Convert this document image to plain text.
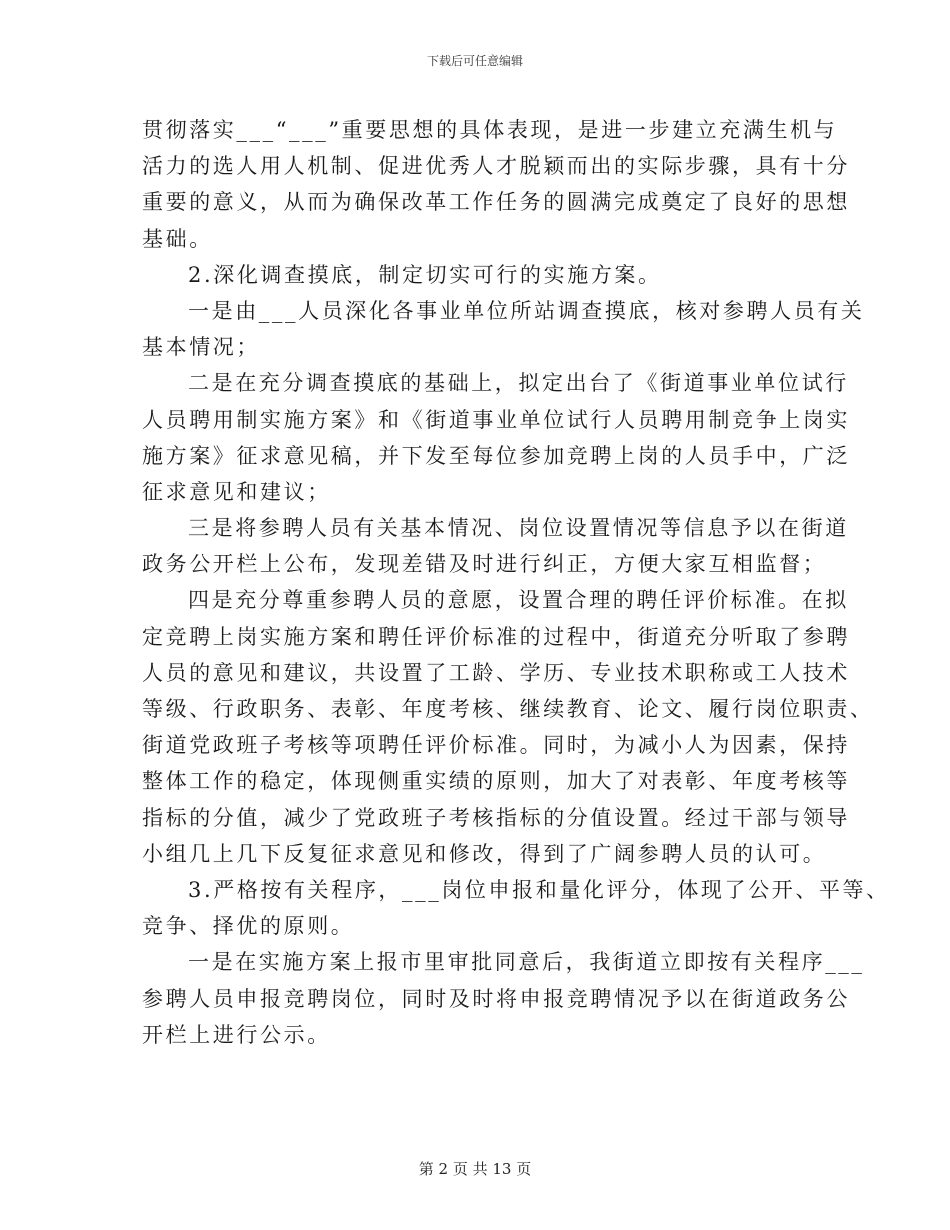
下载后可任意编辑
贯彻落实___“___”重要思想的具体表现，是进一步建立充满生机与
活力的选人用人机制、促进优秀人才脱颖而出的实际步骤，具有十分
重要的意义，从而为确保改革工作任务的圆满完成奠定了良好的思想
基础。
2.深化调查摸底，制定切实可行的实施方案。
一是由___人员深化各事业单位所站调查摸底，核对参聘人员有关
基本情况；
二是在充分调查摸底的基础上，拟定出台了《街道事业单位试行
人员聘用制实施方案》和《街道事业单位试行人员聘用制竞争上岗实
施方案》征求意见稿，并下发至每位参加竞聘上岗的人员手中，广泛
征求意见和建议；
三是将参聘人员有关基本情况、岗位设置情况等信息予以在街道
政务公开栏上公布，发现差错及时进行纠正，方便大家互相监督；
四是充分尊重参聘人员的意愿，设置合理的聘任评价标准。在拟
定竞聘上岗实施方案和聘任评价标准的过程中，街道充分听取了参聘
人员的意见和建议，共设置了工龄、学历、专业技术职称或工人技术
等级、行政职务、表彰、年度考核、继续教育、论文、履行岗位职责、
街道党政班子考核等项聘任评价标准。同时，为减小人为因素，保持
整体工作的稳定，体现侧重实绩的原则，加大了对表彰、年度考核等
指标的分值，减少了党政班子考核指标的分值设置。经过干部与领导
小组几上几下反复征求意见和修改，得到了广阔参聘人员的认可。
3.严格按有关程序，___岗位申报和量化评分，体现了公开、平等、
竞争、择优的原则。
一是在实施方案上报市里审批同意后，我街道立即按有关程序___
参聘人员申报竞聘岗位，同时及时将申报竞聘情况予以在街道政务公
开栏上进行公示。
第 2 页 共 13 页
